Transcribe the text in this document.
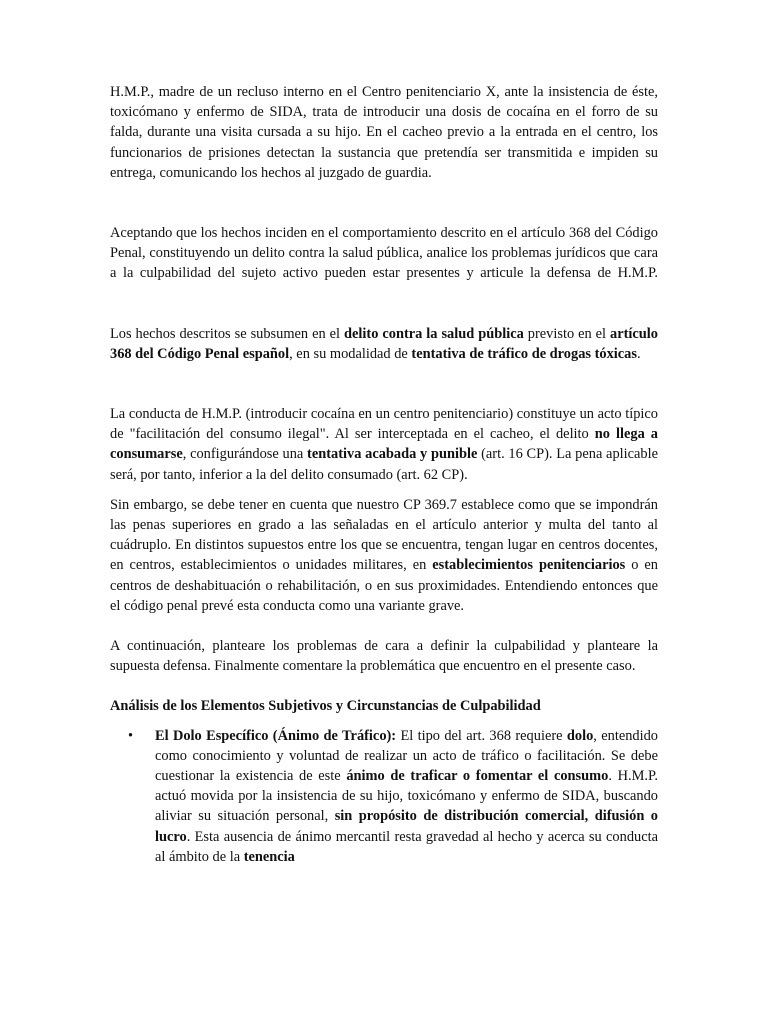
H.M.P., madre de un recluso interno en el Centro penitenciario X, ante la insistencia de éste, toxicómano y enfermo de SIDA, trata de introducir una dosis de cocaína en el forro de su falda, durante una visita cursada a su hijo. En el cacheo previo a la entrada en el centro, los funcionarios de prisiones detectan la sustancia que pretendía ser transmitida e impiden su entrega, comunicando los hechos al juzgado de guardia.

Aceptando que los hechos inciden en el comportamiento descrito en el artículo 368 del Código Penal, constituyendo un delito contra la salud pública, analice los problemas jurídicos que cara a la culpabilidad del sujeto activo pueden estar presentes y articule la defensa de H.M.P.

Los hechos descritos se subsumen en el delito contra la salud pública previsto en el artículo 368 del Código Penal español, en su modalidad de tentativa de tráfico de drogas tóxicas.

La conducta de H.M.P. (introducir cocaína en un centro penitenciario) constituye un acto típico de "facilitación del consumo ilegal". Al ser interceptada en el cacheo, el delito no llega a consumarse, configurándose una tentativa acabada y punible (art. 16 CP). La pena aplicable será, por tanto, inferior a la del delito consumado (art. 62 CP).

Sin embargo, se debe tener en cuenta que nuestro CP 369.7 establece como que se impondrán las penas superiores en grado a las señaladas en el artículo anterior y multa del tanto al cuádruplo. En distintos supuestos entre los que se encuentra, tengan lugar en centros docentes, en centros, establecimientos o unidades militares, en establecimientos penitenciarios o en centros de deshabituación o rehabilitación, o en sus proximidades. Entendiendo entonces que el código penal prevé esta conducta como una variante grave.

A continuación, planteare los problemas de cara a definir la culpabilidad y planteare la supuesta defensa. Finalmente comentare la problemática que encuentro en el presente caso.

Análisis de los Elementos Subjetivos y Circunstancias de Culpabilidad

• El Dolo Específico (Ánimo de Tráfico): El tipo del art. 368 requiere dolo, entendido como conocimiento y voluntad de realizar un acto de tráfico o facilitación. Se debe cuestionar la existencia de este ánimo de traficar o fomentar el consumo. H.M.P. actuó movida por la insistencia de su hijo, toxicómano y enfermo de SIDA, buscando aliviar su situación personal, sin propósito de distribución comercial, difusión o lucro. Esta ausencia de ánimo mercantil resta gravedad al hecho y acerca su conducta al ámbito de la tenencia
